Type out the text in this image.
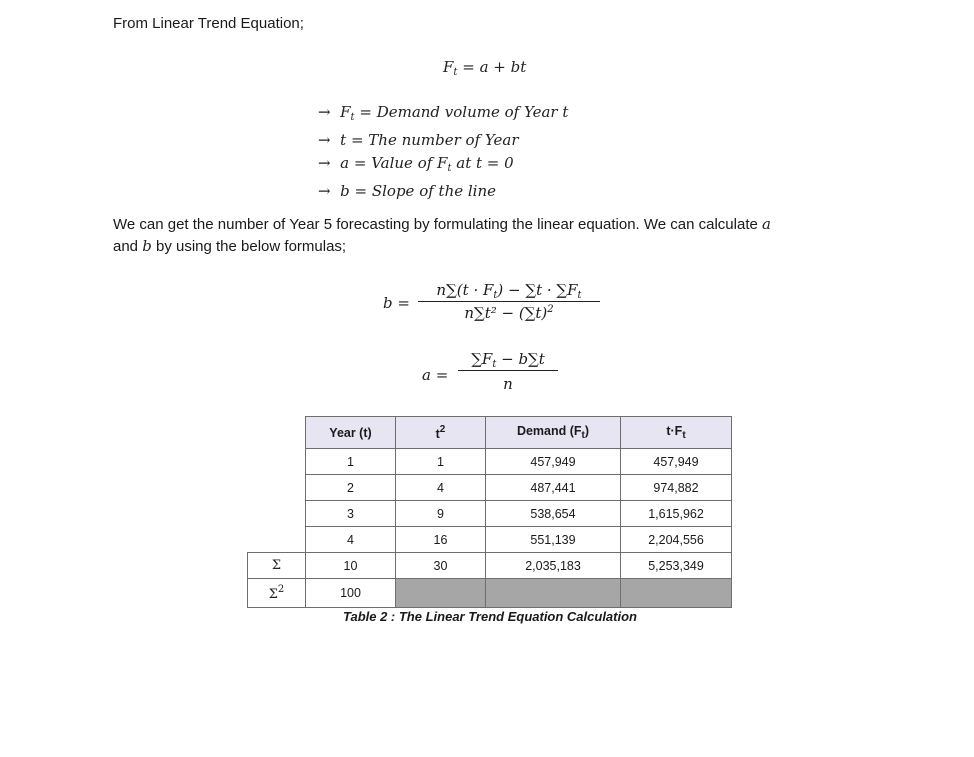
From Linear Trend Equation;
$F_t = a$ + bt
→ $F_t$ = Demand volume of Year t
→ t = The number of Year
→ a = Value of $F_t$ at t = 0
→ b = Slope of the line
We can get the number of Year 5 forecasting by formulating the linear equation. We can calculate a
and b by using the below formulas;
b =
$n\sum(t \cdot F_t) - \sum t \cdot \sum F_t$
$n\sum t^2 - (\sum t)^2$
a =
$\sum F_t - b\sum t$
n
	Year (t)	$t^2$	Demand $(F_t)$	$t\cdot F_t$
	1	1	457,949	457,949
	2	4	487,441	974,882
	3	9	538,654	1,615,962
	4	16	551,139	2,204,556
Σ	10	30	2,035,183	5,253,349
$\Sigma^2$	100			
Table 2 : The Linear Trend Equation Calculation
